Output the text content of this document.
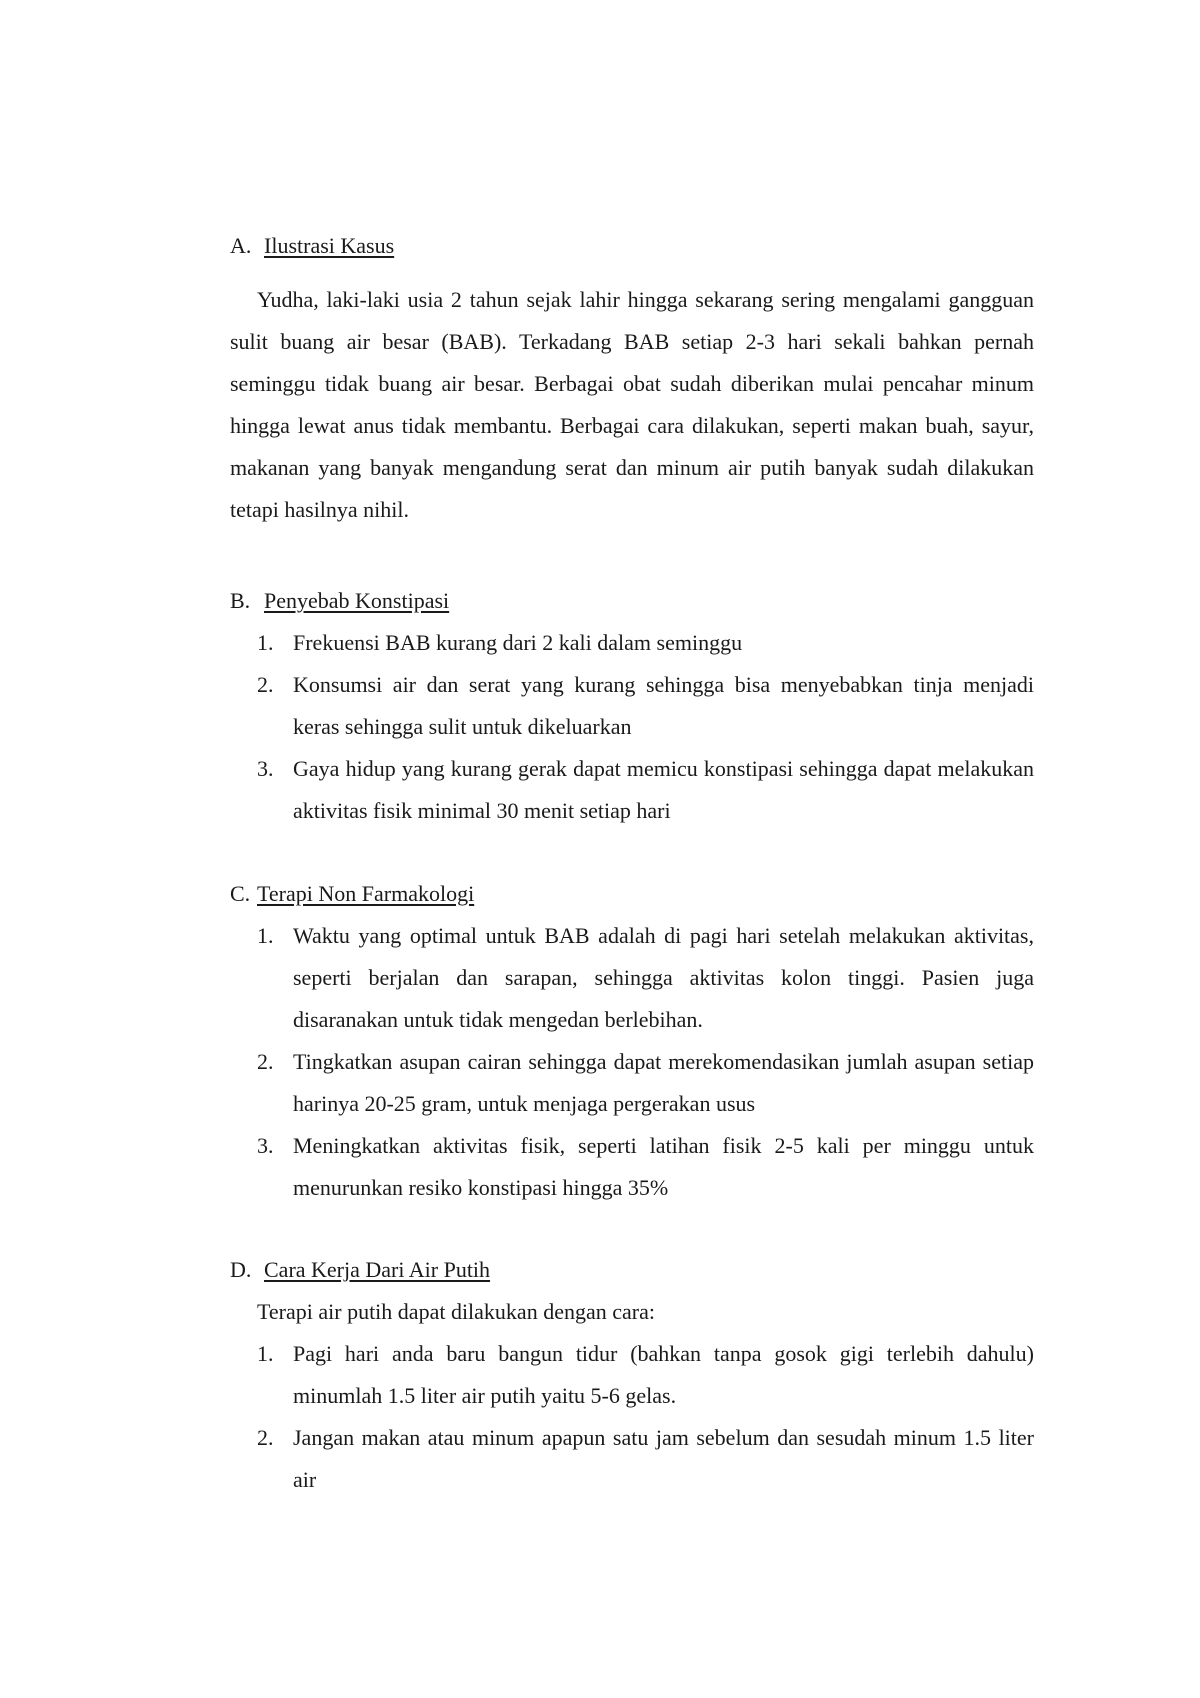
A. Ilustrasi Kasus

Yudha, laki-laki usia 2 tahun sejak lahir hingga sekarang sering mengalami gangguan sulit buang air besar (BAB). Terkadang BAB setiap 2-3 hari sekali bahkan pernah seminggu tidak buang air besar. Berbagai obat sudah diberikan mulai pencahar minum hingga lewat anus tidak membantu. Berbagai cara dilakukan, seperti makan buah, sayur, makanan yang banyak mengandung serat dan minum air putih banyak sudah dilakukan tetapi hasilnya nihil.

B. Penyebab Konstipasi
1. Frekuensi BAB kurang dari 2 kali dalam seminggu
2. Konsumsi air dan serat yang kurang sehingga bisa menyebabkan tinja menjadi keras sehingga sulit untuk dikeluarkan
3. Gaya hidup yang kurang gerak dapat memicu konstipasi sehingga dapat melakukan aktivitas fisik minimal 30 menit setiap hari
C. Terapi Non Farmakologi
1. Waktu yang optimal untuk BAB adalah di pagi hari setelah melakukan aktivitas, seperti berjalan dan sarapan, sehingga aktivitas kolon tinggi. Pasien juga disaranakan untuk tidak mengedan berlebihan.
2. Tingkatkan asupan cairan sehingga dapat merekomendasikan jumlah asupan setiap harinya 20-25 gram, untuk menjaga pergerakan usus
3. Meningkatkan aktivitas fisik, seperti latihan fisik 2-5 kali per minggu untuk menurunkan resiko konstipasi hingga 35%
D. Cara Kerja Dari Air Putih

Terapi air putih dapat dilakukan dengan cara:

1. Pagi hari anda baru bangun tidur (bahkan tanpa gosok gigi terlebih dahulu) minumlah 1.5 liter air putih yaitu 5-6 gelas.
2. Jangan makan atau minum apapun satu jam sebelum dan sesudah minum 1.5 liter air
